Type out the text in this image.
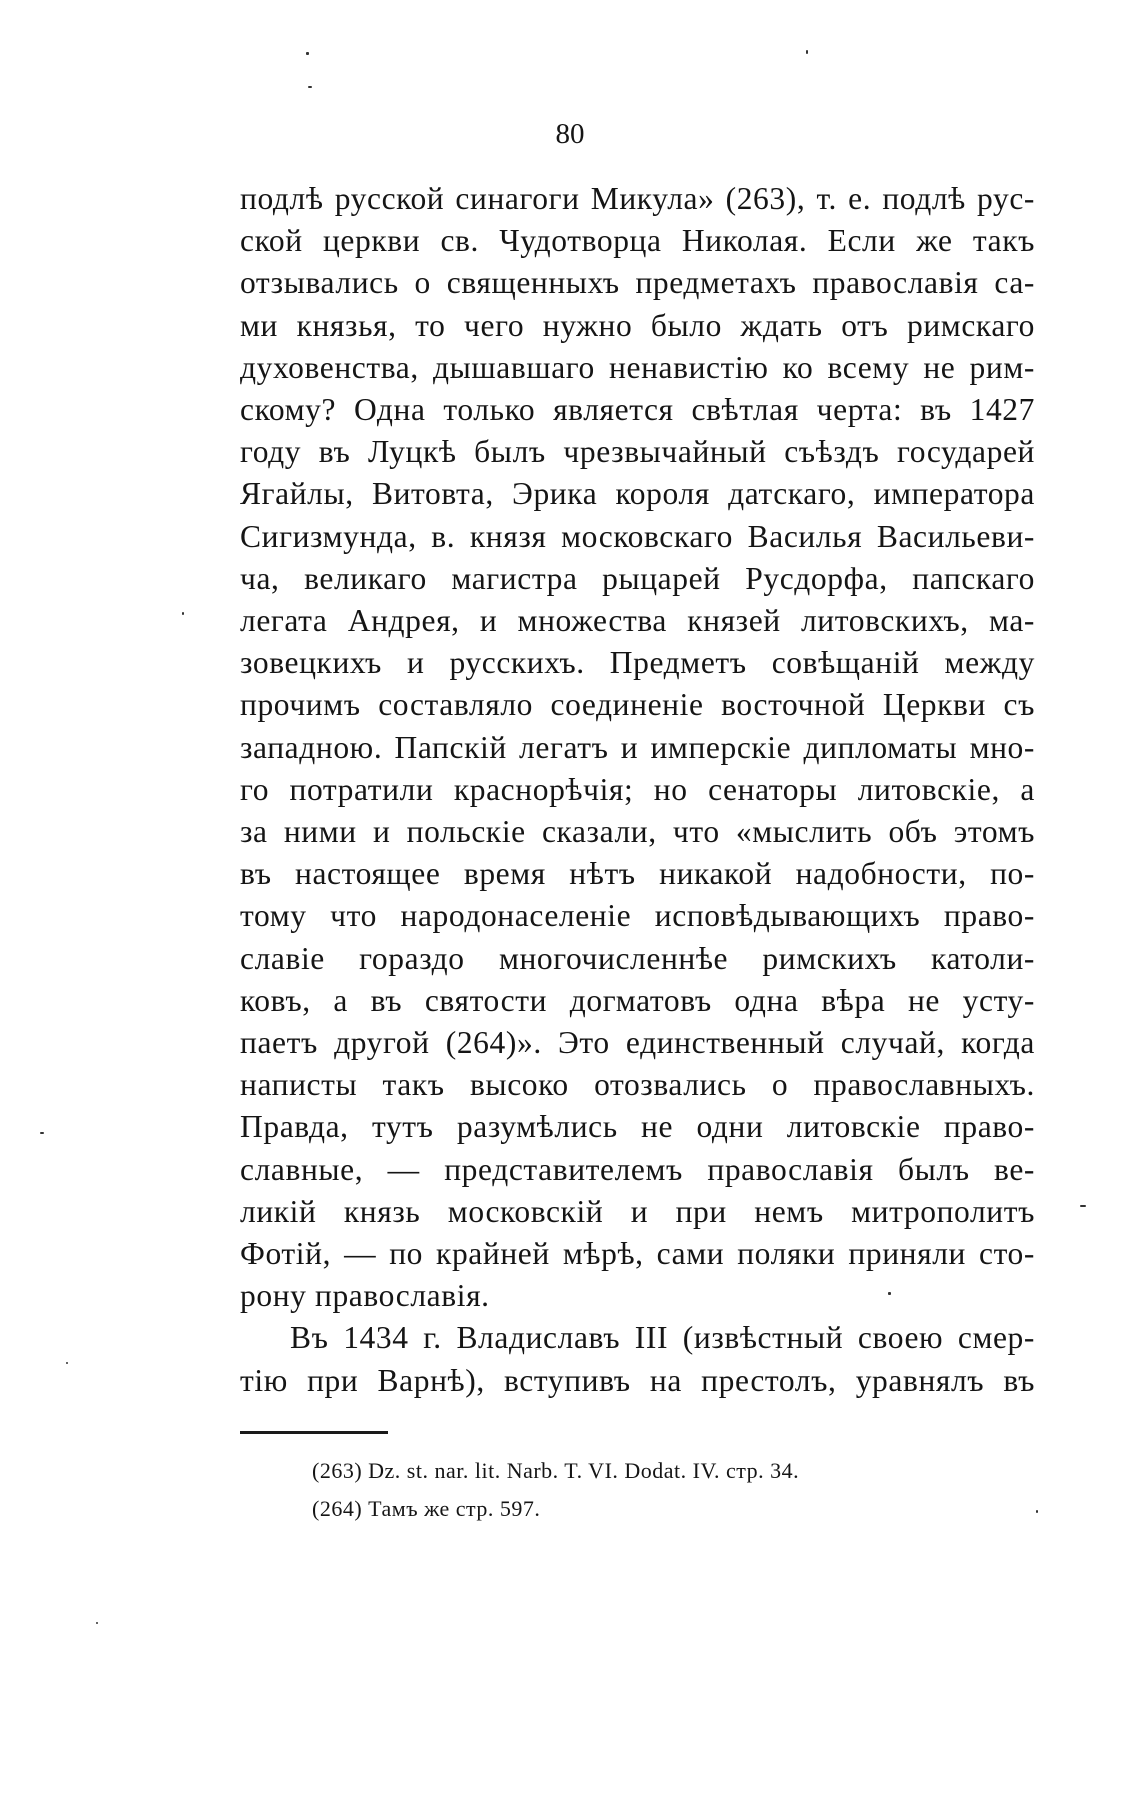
80
подлѣ русской синагоги Микула» (263), т. е. подлѣ рус-
ской церкви св. Чудотворца Николая. Если же такъ
отзывались о священныхъ предметахъ православія са-
ми князья, то чего нужно было ждать отъ римскаго
духовенства, дышавшаго ненавистію ко всему не рим-
скому? Одна только является свѣтлая черта: въ 1427
году въ Луцкѣ былъ чрезвычайный съѣздъ государей
Ягайлы, Витовта, Эрика короля датскаго, императора
Сигизмунда, в. князя московскаго Василья Васильеви-
ча, великаго магистра рыцарей Русдорфа, папскаго
легата Андрея, и множества князей литовскихъ, ма-
зовецкихъ и русскихъ. Предметъ совѣщаній между
прочимъ составляло соединеніе восточной Церкви съ
западною. Папскій легатъ и имперскіе дипломаты мно-
го потратили краснорѣчія; но сенаторы литовскіе, а
за ними и польскіе сказали, что «мыслить объ этомъ
въ настоящее время нѣтъ никакой надобности, по-
тому что народонаселеніе исповѣдывающихъ право-
славіе гораздо многочисленнѣе римскихъ католи-
ковъ, а въ святости догматовъ одна вѣра не усту-
паетъ другой (264)». Это единственный случай, когда
написты такъ высоко отозвались о православныхъ.
Правда, тутъ разумѣлись не одни литовскіе право-
славные, — представителемъ православія былъ ве-
ликій князь московскій и при немъ митрополитъ
Фотій, — по крайней мѣрѣ, сами поляки приняли сто-
рону православія.
Въ 1434 г. Владиславъ III (извѣстный своею смер-
тію при Варнѣ), вступивъ на престолъ, уравнялъ въ
(263) Dz. st. nar. lit. Narb. T. VI. Dodat. IV. стр. 34.
(264) Тамъ же стр. 597.
